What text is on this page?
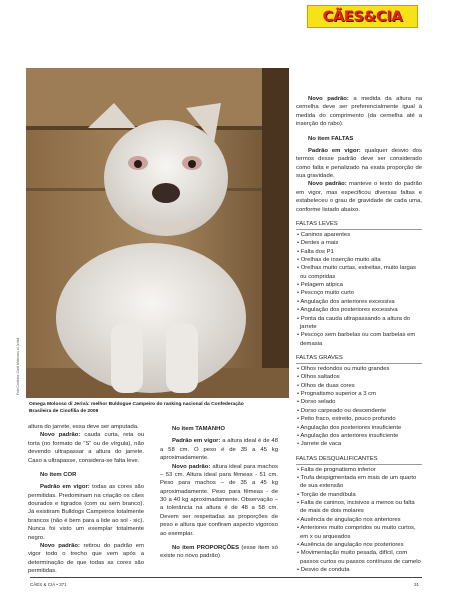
CÃES&CIA
Foto Cortesia: Canil Molossos di Jerivá
Omega Molosso di Jerivá: melhor Buldogue Campeiro do ranking nacional da Confederação
Brasileira de Cinofilia de 2009

altura do jarrete, essa deve ser amputada.

Novo padrão: cauda curta, reta ou torta (no formato de “S” ou de vírgula), não devendo ultrapassar a altura do jarrete. Caso a ultrapasse, considera-se falta leve.

No item COR

Padrão em vigor: todas as cores são permitidas. Predominam na criação os cães dourados e tigrados (com ou sem branco). Já existiram Bulldogs Campeiros totalmente brancos (não é bem para a lide ao sol - sic). Nunca foi visto um exemplar totalmente negro.

Novo padrão: retirou do padrão em vigor todo o trecho que vem após a determinação de que todas as cores são permitidas.

No item TAMANHO

Padrão em vigor: a altura ideal é de 48 a 58 cm. O peso é de 35 a 45 kg aproximadamente.

Novo padrão: altura ideal para machos – 53 cm. Altura ideal para fêmeas - 51 cm. Peso para machos – de 35 a 45 kg aproximadamente. Peso para fêmeas - de 30 a 40 kg aproximadamente. Observação – a tolerância na altura é de 48 a 58 cm. Devem ser respeitadas as proporções de peso e altura que confiram aspecto vigoroso ao exemplar.

No item PROPORÇÕES (esse item só existe no novo padrão)

Novo padrão: a medida da altura na cernelha deve ser preferencialmente igual à medida do comprimento (da cernelha até a inserção do rabo).

No item FALTAS

Padrão em vigor: qualquer desvio dos termos desse padrão deve ser considerado como falta e penalizado na exata proporção de sua gravidade.

Novo padrão: manteve o texto do padrão em vigor, mas especificou diversas faltas e estabeleceu o grau de gravidade de cada uma, conforme listado abaixo.

FALTAS LEVES
• Caninos aparentes
• Dentes a mais
• Falta dos P1
• Orelhas de inserção muito alta
• Orelhas muito curtas, estreitas, muito largas ou compridas
• Pelagem atípica
• Pescoço muito curto
• Angulação dos anteriores excessiva
• Angulação dos posteriores excessiva
• Ponta da cauda ultrapassando a altura do jarrete
• Pescoço sem barbelas ou com barbelas em demasia
FALTAS GRAVES
• Olhos redondos ou muito grandes
• Olhos saltados
• Olhos de duas cores
• Prognatismo superior a 3 cm
• Dorso selado
• Dorso carpeado ou descendente
• Peito fraco, estreito, pouco profundo
• Angulação dos posteriores insuficiente
• Angulação dos anteriores insuficiente
• Jarrete de vaca
FALTAS DESQUALIFICANTES
• Falta de prognatismo inferior
• Trufa despigmentada em mais de um quarto de sua extensão
• Torção de mandíbula
• Falta de caninos, incisivos a menos ou falta de mais de dois molares
• Ausência de angulação nos anteriores
• Anteriores muito compridos ou muito curtos, em x ou arqueados
• Ausência de angulação nos posteriores
• Movimentação muito pesada, difícil, com passos curtos ou passos contínuos de camelo
• Desvio de conduta
CÃES & CIA • 371	31
